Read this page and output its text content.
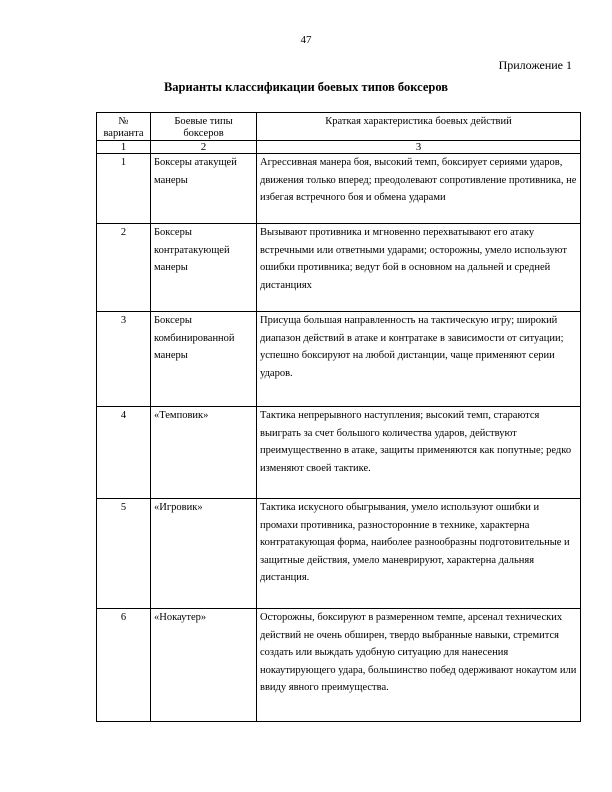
47
Приложение 1
Варианты классификации боевых типов боксеров
№ варианта	Боевые типы боксеров	Краткая характеристика боевых действий
1	2	3
1	Боксеры атакущей манеры	Агрессивная манера боя, высокий темп, боксирует сериями ударов, движения только вперед; преодолевают сопротивление противника, не избегая встречного боя и обмена ударами
2	Боксеры контратакующей манеры	Вызывают противника и мгновенно перехватывают его атаку встречными или ответными ударами; осторожны, умело используют ошибки противника; ведут бой в основном на дальней и средней дистанциях
3	Боксеры комбинированной манеры	Присуща большая направленность на тактическую игру; широкий диапазон действий в атаке и контратаке в зависимости от ситуации; успешно боксируют на любой дистанции, чаще применяют серии ударов.
4	«Темповик»	Тактика непрерывного наступления; высокий темп, стараются выиграть за счет большого количества ударов, действуют преимущественно в атаке, защиты применяются как попутные; редко изменяют своей тактике.
5	«Игровик»	Тактика искусного обыгрывания, умело используют ошибки и промахи противника, разносторонние в технике, характерна контратакующая форма, наиболее разнообразны подготовительные и защитные действия, умело маневрируют, характерна дальняя дистанция.
6	«Нокаутер»	Осторожны, боксируют в размеренном темпе, арсенал технических действий не очень обширен, твердо выбранные навыки, стремится создать или выждать удобную ситуацию для нанесения нокаутирующего удара, большинство побед одерживают нокаутом или ввиду явного преимущества.
